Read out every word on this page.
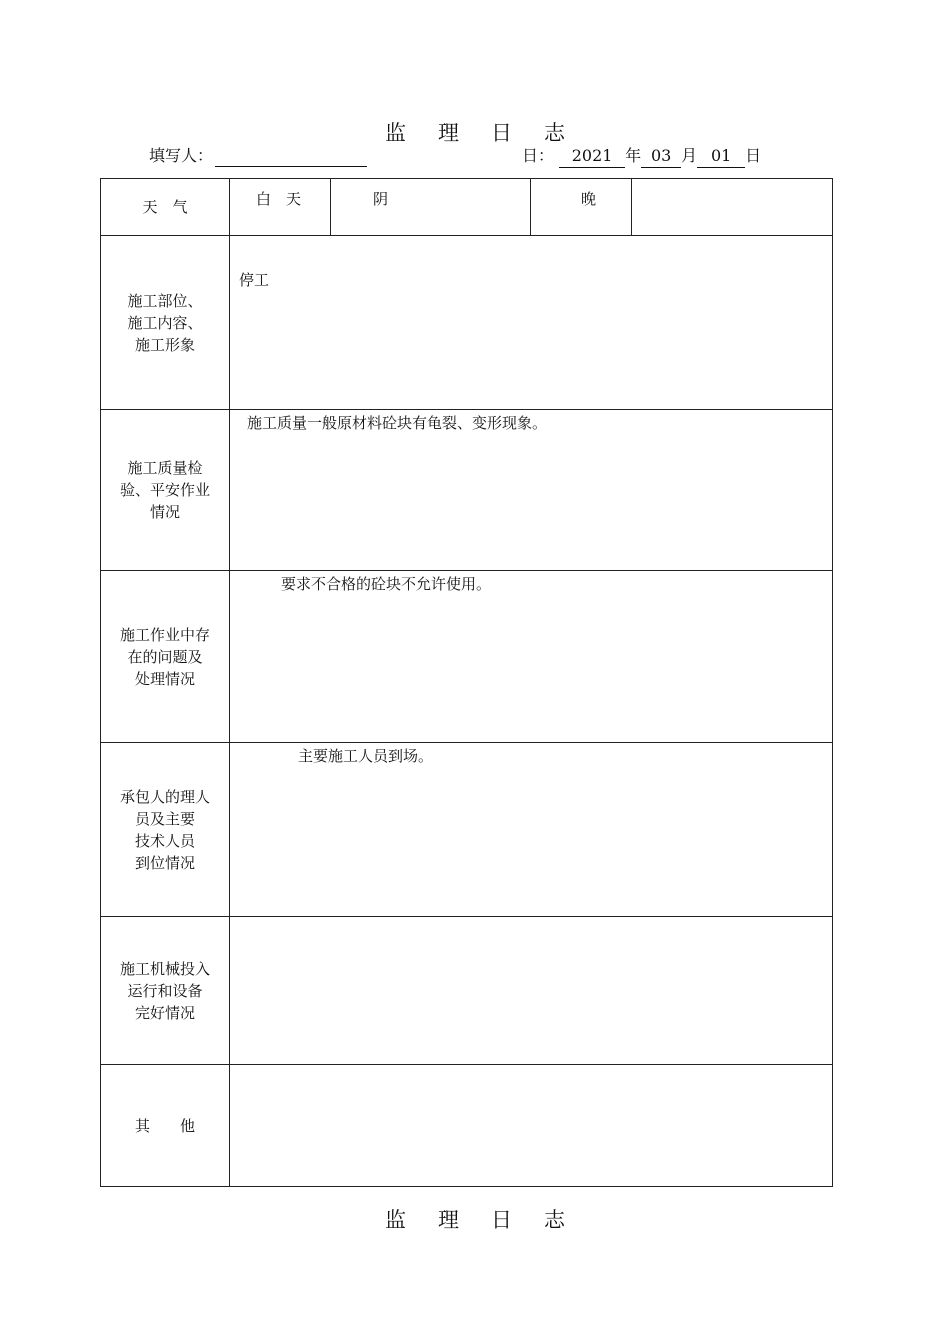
监 理 日 志
填写人：	日： 2021 年 03 月 01 日
天　气	白　天	阴	晚	

施工部位、
施工内容、
施工形象	停工			

施工质量检
验、平安作业
情况	施工质量一般原材料砼块有龟裂、变形现象。			

施工作业中存
在的问题及
处理情况	要求不合格的砼块不允许使用。			

承包人的理人
员及主要
技术人员
到位情况	主要施工人员到场。			

施工机械投入
运行和设备
完好情况				

其　　他				

监 理 日 志
